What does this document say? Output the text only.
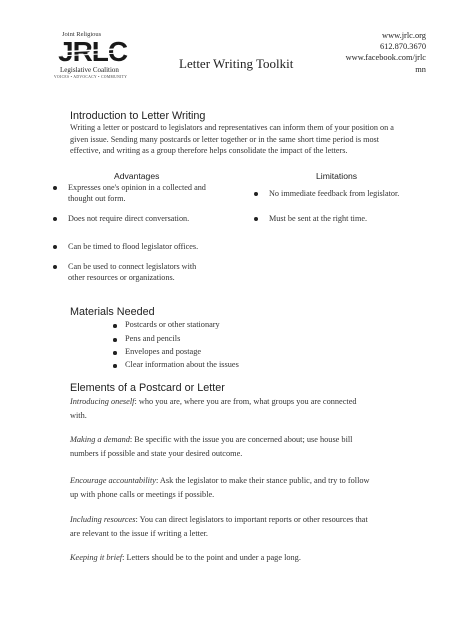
Joint Religious
JRLC
Legislative Coalition
VOICES • ADVOCACY • COMMUNITY
Letter Writing Toolkit
www.jrlc.org
612.870.3670
www.facebook.com/jrlc
mn
Introduction to Letter Writing
Writing a letter or postcard to legislators and representatives can inform them of your position on a
given issue. Sending many postcards or letter together or in the same short time period is most
effective, and writing as a group therefore helps consolidate the impact of the letters.
Advantages	Limitations
Expresses one's opinion in a collected and
thought out form.
Does not require direct conversation.
Can be timed to flood legislator offices.
Can be used to connect legislators with
other resources or organizations.
No immediate feedback from legislator.
Must be sent at the right time.
Materials Needed
Postcards or other stationary
Pens and pencils
Envelopes and postage
Clear information about the issues
Elements of a Postcard or Letter
Introducing oneself: who you are, where you are from, what groups you are connected
with.
Making a demand: Be specific with the issue you are concerned about; use house bill
numbers if possible and state your desired outcome.
Encourage accountability: Ask the legislator to make their stance public, and try to follow
up with phone calls or meetings if possible.
Including resources: You can direct legislators to important reports or other resources that
are relevant to the issue if writing a letter.
Keeping it brief: Letters should be to the point and under a page long.
